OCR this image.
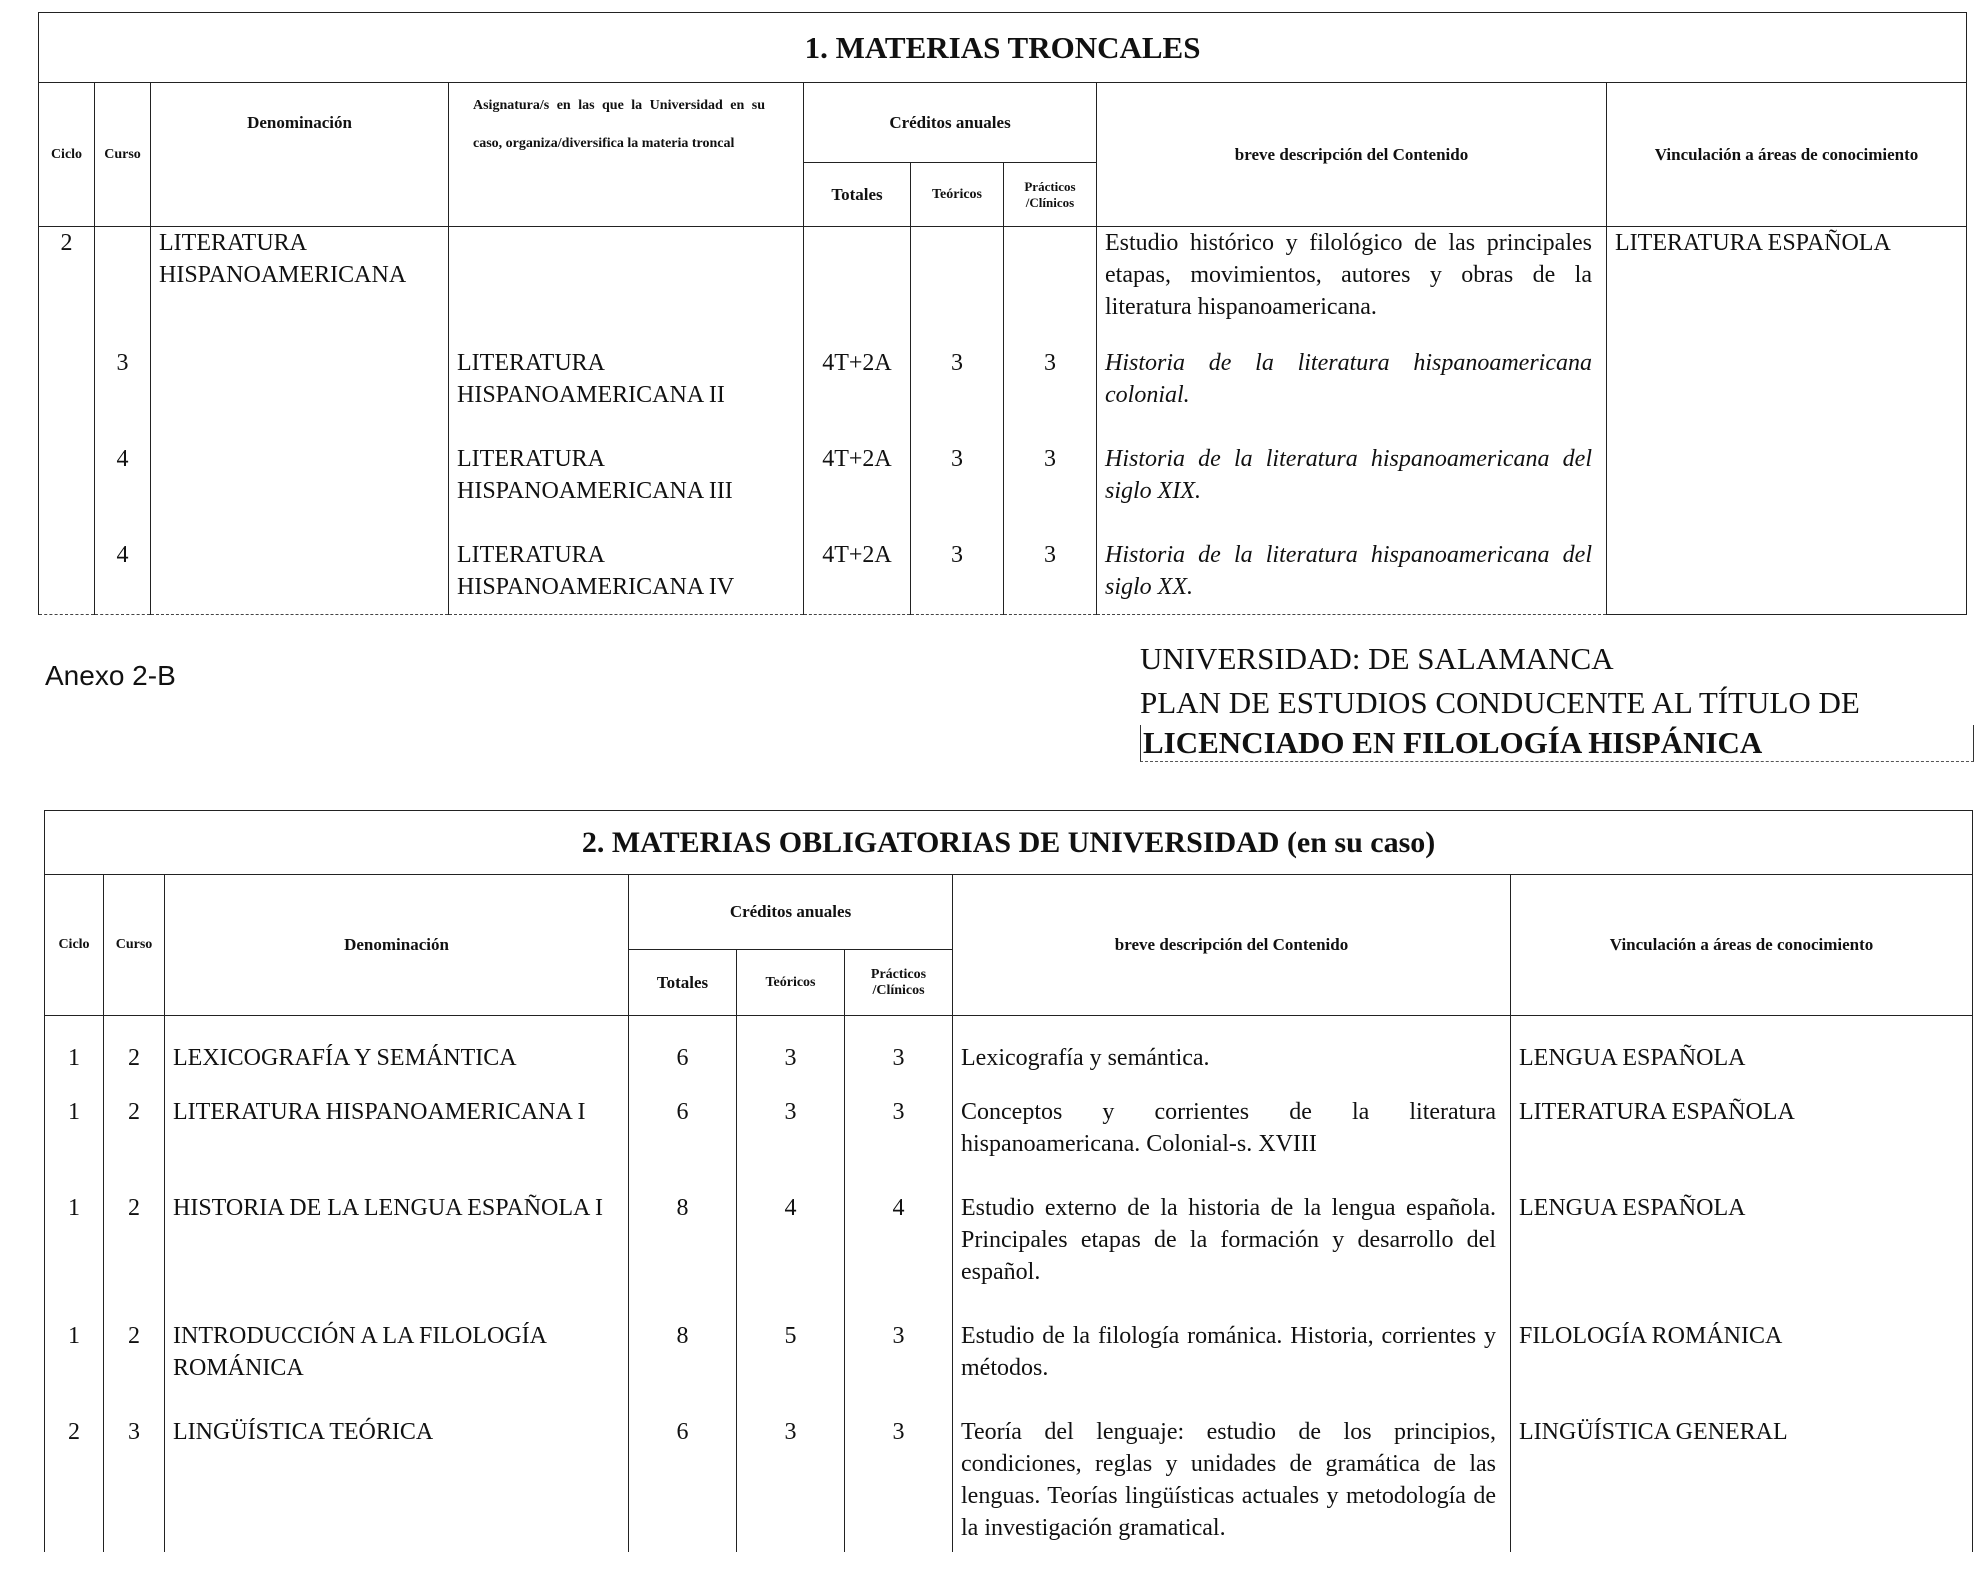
1. MATERIAS TRONCALES								
Ciclo	Curso	Denominación	Asignatura/s en las que la Universidad en su caso, organiza/diversifica la materia troncal	Créditos anuales			breve descripción del Contenido	Vinculación a áreas de conocimiento
				Totales	Teóricos	Prácticos /Clínicos		
2		LITERATURA HISPANOAMERICANA					Estudio histórico y filológico de las principales etapas, movimientos, autores y obras de la literatura hispanoamericana.	LITERATURA ESPAÑOLA
	3		LITERATURA HISPANOAMERICANA II	4T+2A	3	3	Historia de la literatura hispanoamericana colonial.	
	4		LITERATURA HISPANOAMERICANA III	4T+2A	3	3	Historia de la literatura hispanoamericana del siglo XIX.	
	4		LITERATURA HISPANOAMERICANA IV	4T+2A	3	3	Historia de la literatura hispanoamericana del siglo XX.	
Anexo 2-B	UNIVERSIDAD: DE SALAMANCA
PLAN DE ESTUDIOS CONDUCENTE AL TÍTULO DE
LICENCIADO EN FILOLOGÍA HISPÁNICA
2. MATERIAS OBLIGATORIAS DE UNIVERSIDAD (en su caso)							
Ciclo	Curso	Denominación	Créditos anuales			breve descripción del Contenido	Vinculación a áreas de conocimiento
			Totales	Teóricos	Prácticos /Clínicos		
1	2	LEXICOGRAFÍA Y SEMÁNTICA	6	3	3	Lexicografía y semántica.	LENGUA ESPAÑOLA
1	2	LITERATURA HISPANOAMERICANA I	6	3	3	Conceptos y corrientes de la literatura hispanoamericana. Colonial-s. XVIII	LITERATURA ESPAÑOLA
1	2	HISTORIA DE LA LENGUA ESPAÑOLA I	8	4	4	Estudio externo de la historia de la lengua española. Principales etapas de la formación y desarrollo del español.	LENGUA ESPAÑOLA
1	2	INTRODUCCIÓN A LA FILOLOGÍA ROMÁNICA	8	5	3	Estudio de la filología románica. Historia, corrientes y métodos.	FILOLOGÍA ROMÁNICA
2	3	LINGÜÍSTICA TEÓRICA	6	3	3	Teoría del lenguaje: estudio de los principios, condiciones, reglas y unidades de gramática de las lenguas. Teorías lingüísticas actuales y metodología de la investigación gramatical.	LINGÜÍSTICA GENERAL
